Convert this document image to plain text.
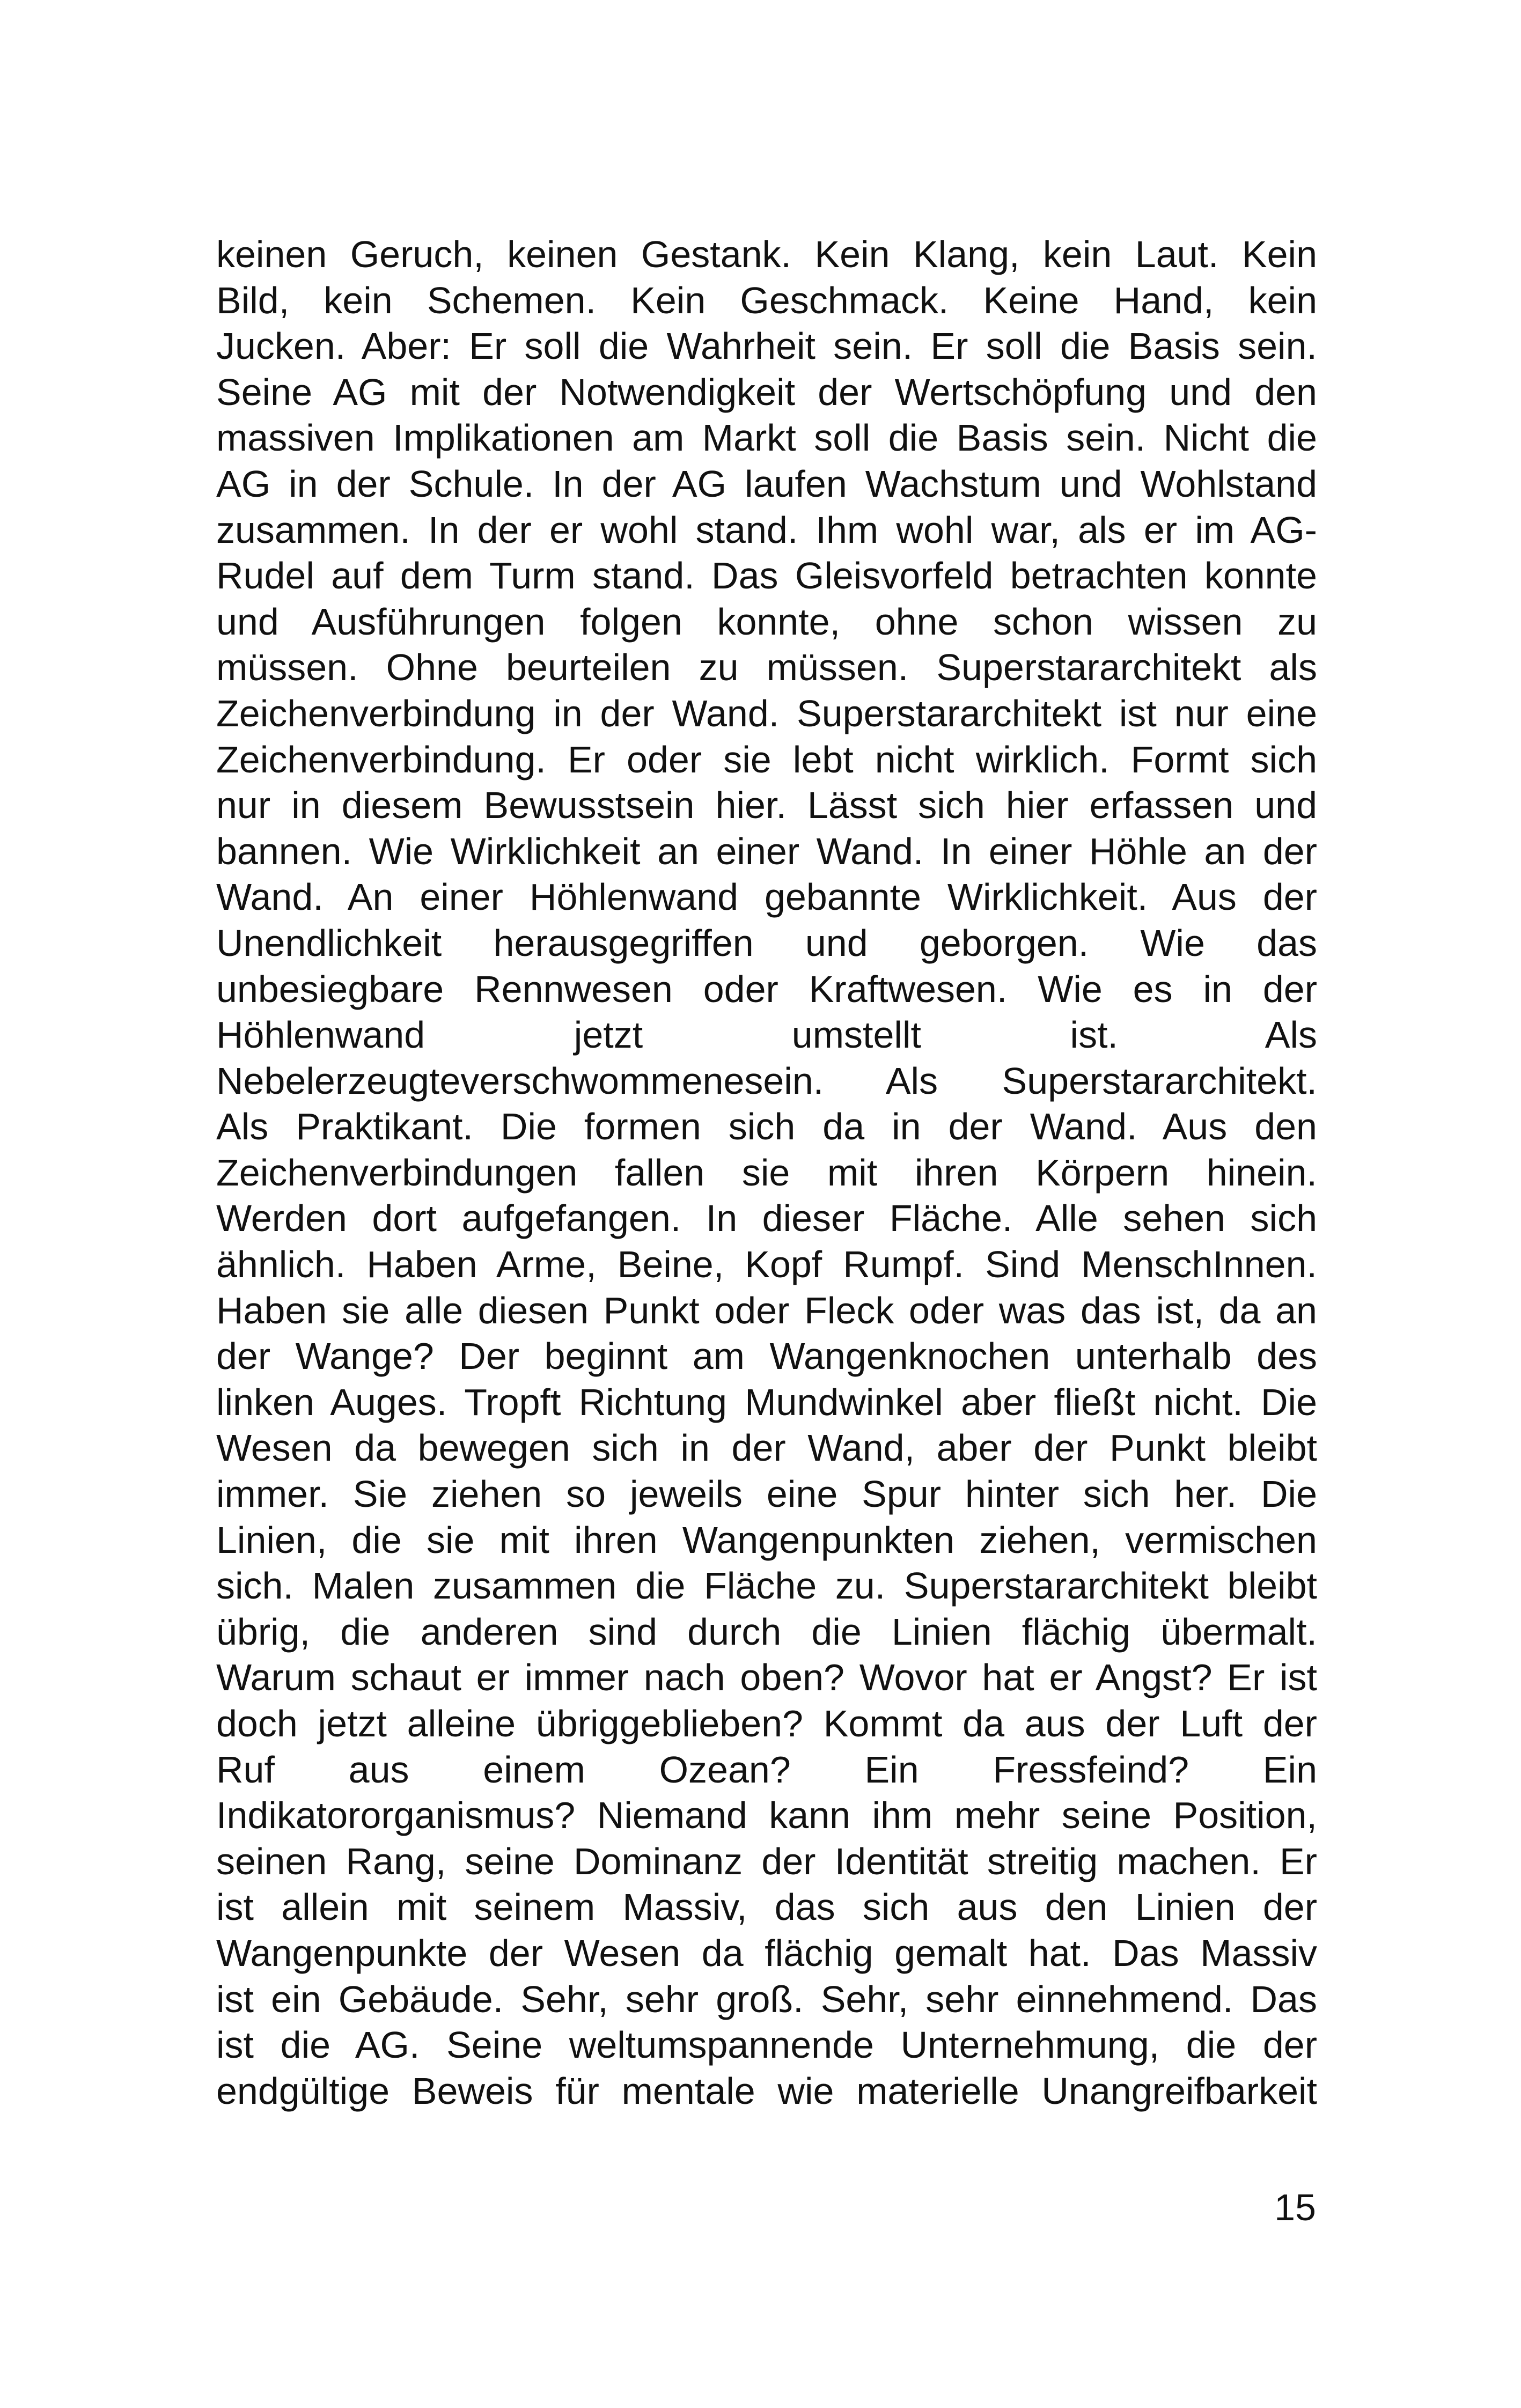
keinen Geruch, keinen Gestank. Kein Klang, kein Laut. Kein
Bild, kein Schemen. Kein Geschmack. Keine Hand, kein
Jucken. Aber: Er soll die Wahrheit sein. Er soll die Basis sein.
Seine AG mit der Notwendigkeit der Wertschöpfung und den
massiven Implikationen am Markt soll die Basis sein. Nicht die
AG in der Schule. In der AG laufen Wachstum und Wohlstand
zusammen. In der er wohl stand. Ihm wohl war, als er im AG-
Rudel auf dem Turm stand. Das Gleisvorfeld betrachten konnte
und Ausführungen folgen konnte, ohne schon wissen zu
müssen. Ohne beurteilen zu müssen. Superstararchitekt als
Zeichenverbindung in der Wand. Superstararchitekt ist nur eine
Zeichenverbindung. Er oder sie lebt nicht wirklich. Formt sich
nur in diesem Bewusstsein hier. Lässt sich hier erfassen und
bannen. Wie Wirklichkeit an einer Wand. In einer Höhle an der
Wand. An einer Höhlenwand gebannte Wirklichkeit. Aus der
Unendlichkeit herausgegriffen und geborgen. Wie das
unbesiegbare Rennwesen oder Kraftwesen. Wie es in der
Höhlenwand jetzt umstellt ist. Als
Nebelerzeugteverschwommenesein. Als Superstararchitekt.
Als Praktikant. Die formen sich da in der Wand. Aus den
Zeichenverbindungen fallen sie mit ihren Körpern hinein.
Werden dort aufgefangen. In dieser Fläche. Alle sehen sich
ähnlich. Haben Arme, Beine, Kopf Rumpf. Sind MenschInnen.
Haben sie alle diesen Punkt oder Fleck oder was das ist, da an
der Wange? Der beginnt am Wangenknochen unterhalb des
linken Auges. Tropft Richtung Mundwinkel aber fließt nicht. Die
Wesen da bewegen sich in der Wand, aber der Punkt bleibt
immer. Sie ziehen so jeweils eine Spur hinter sich her. Die
Linien, die sie mit ihren Wangenpunkten ziehen, vermischen
sich. Malen zusammen die Fläche zu. Superstararchitekt bleibt
übrig, die anderen sind durch die Linien flächig übermalt.
Warum schaut er immer nach oben? Wovor hat er Angst? Er ist
doch jetzt alleine übriggeblieben? Kommt da aus der Luft der
Ruf aus einem Ozean? Ein Fressfeind? Ein
Indikatororganismus? Niemand kann ihm mehr seine Position,
seinen Rang, seine Dominanz der Identität streitig machen. Er
ist allein mit seinem Massiv, das sich aus den Linien der
Wangenpunkte der Wesen da flächig gemalt hat. Das Massiv
ist ein Gebäude. Sehr, sehr groß. Sehr, sehr einnehmend. Das
ist die AG. Seine weltumspannende Unternehmung, die der
endgültige Beweis für mentale wie materielle Unangreifbarkeit
15
